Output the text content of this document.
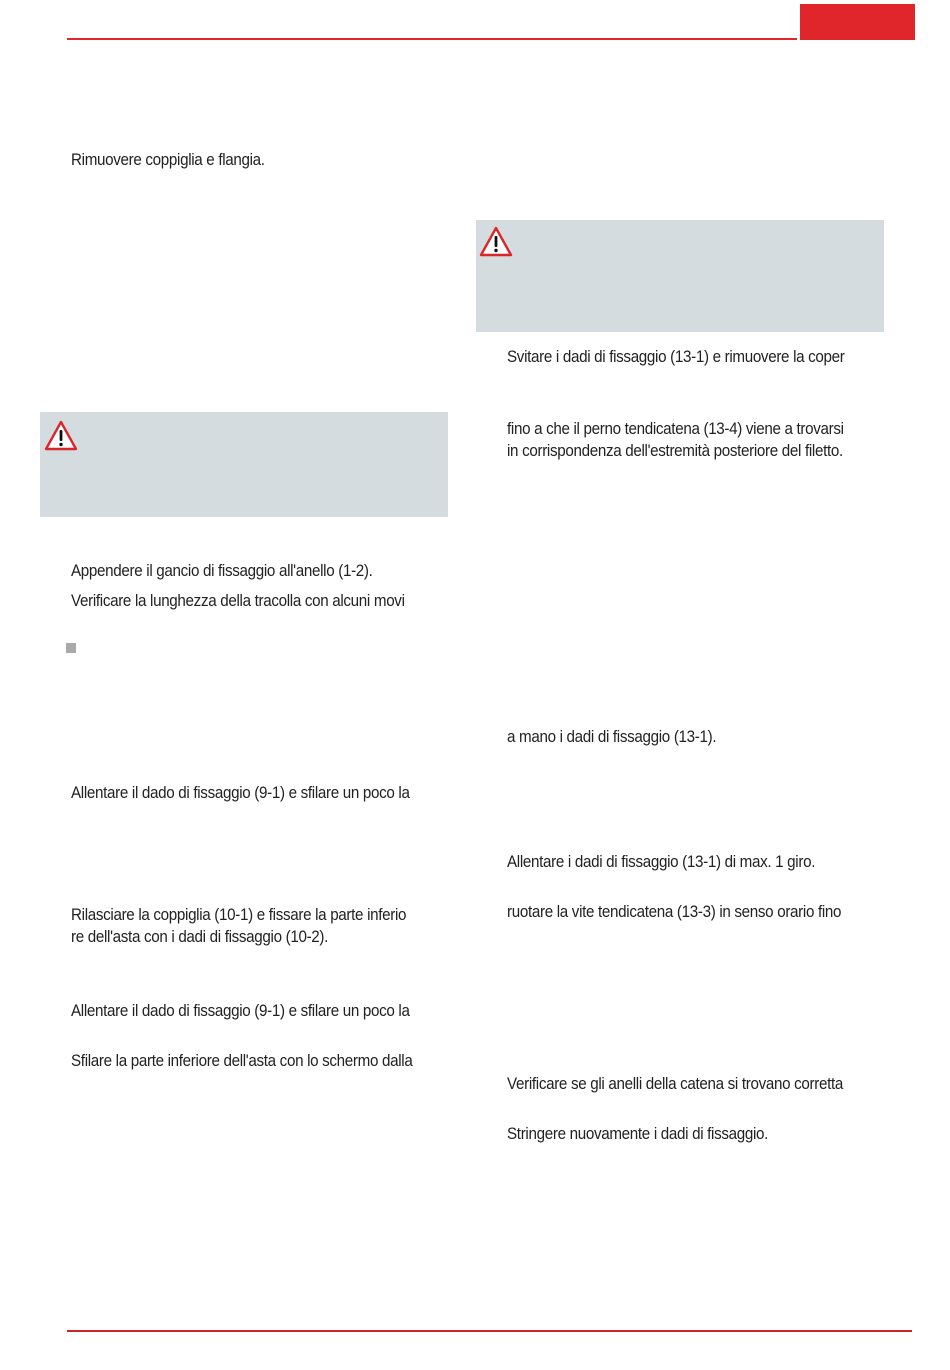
Rimuovere coppiglia e flangia.
Appendere il gancio di fissaggio all'anello (1-2).
Verificare la lunghezza della tracolla con alcuni movi
Allentare il dado di fissaggio (9-1) e sfilare un poco la
Rilasciare la coppiglia (10-1) e fissare la parte inferio
re dell'asta con i dadi di fissaggio (10-2).
Allentare il dado di fissaggio (9-1) e sfilare un poco la
Sfilare la parte inferiore dell'asta con lo schermo dalla
Svitare i dadi di fissaggio (13-1) e rimuovere la coper
fino a che il perno tendicatena (13-4) viene a trovarsi
in corrispondenza dell'estremità posteriore del filetto.
a mano i dadi di fissaggio (13-1).
Allentare i dadi di fissaggio (13-1) di max. 1 giro.
ruotare la vite tendicatena (13-3) in senso orario fino
Verificare se gli anelli della catena si trovano corretta
Stringere nuovamente i dadi di fissaggio.
